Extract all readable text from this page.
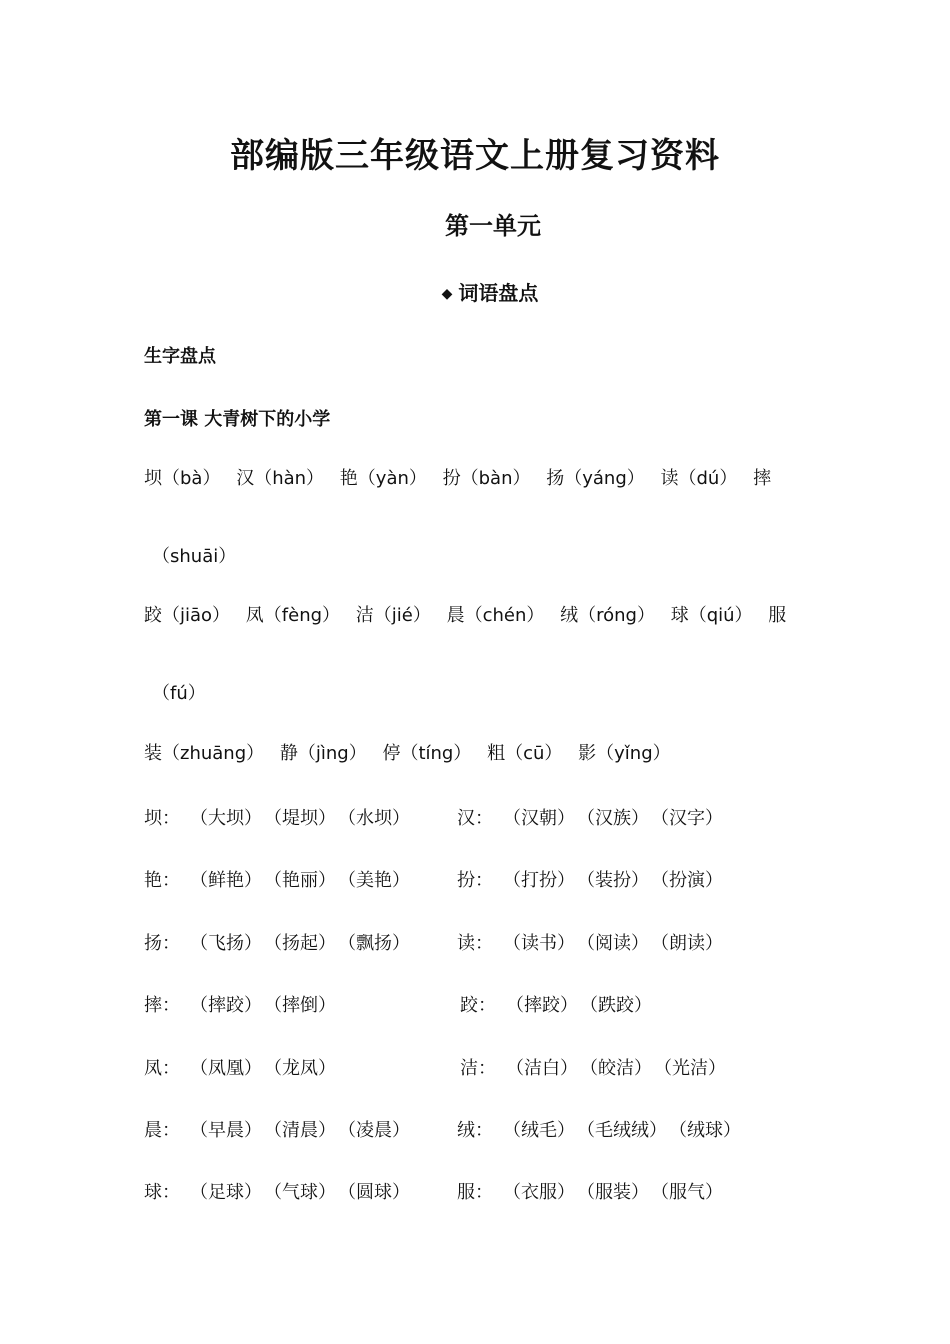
部编版三年级语文上册复习资料
第一单元
◆ 词语盘点
生字盘点
第一课 大青树下的小学
坝（bà） 汉（hàn） 艳（yàn） 扮（bàn） 扬（yáng） 读（dú） 摔
（shuāi）
跤（jiāo） 凤（fèng） 洁（jié） 晨（chén） 绒（róng） 球（qiú） 服
（fú）
装（zhuāng） 静（jìng） 停（tíng） 粗（cū） 影（yǐng）
坝： （大坝） （堤坝） （水坝）	汉： （汉朝） （汉族） （汉字）
艳： （鲜艳） （艳丽） （美艳）	扮： （打扮） （装扮） （扮演）
扬： （飞扬） （扬起） （飘扬）	读： （读书） （阅读） （朗读）
摔： （摔跤） （摔倒）	跤： （摔跤） （跌跤）
凤： （凤凰） （龙凤）	洁： （洁白） （皎洁） （光洁）
晨： （早晨） （清晨） （凌晨）	绒： （绒毛） （毛绒绒） （绒球）
球： （足球） （气球） （圆球）	服： （衣服） （服装） （服气）
